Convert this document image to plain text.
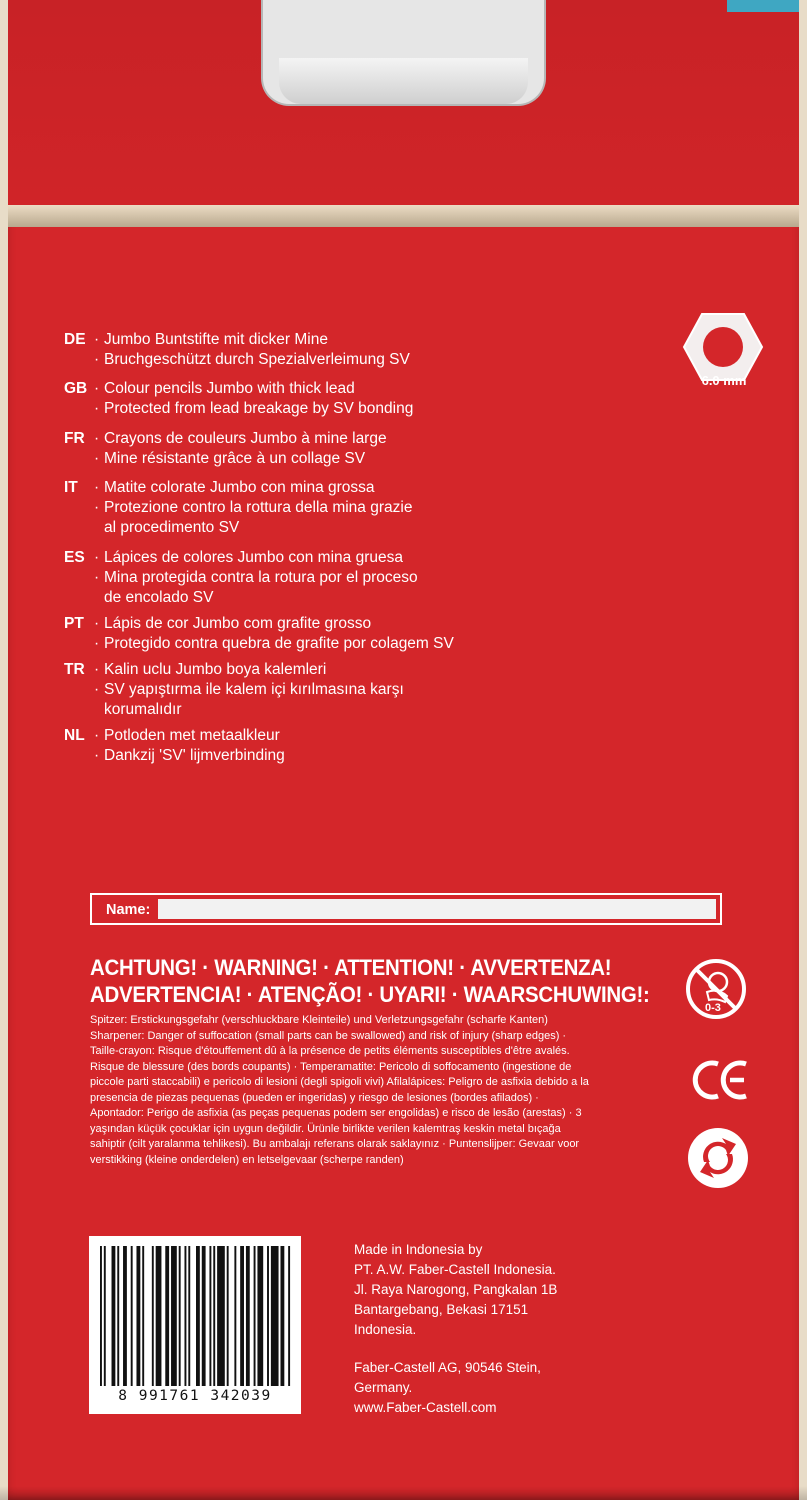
DE · Jumbo Buntstifte mit dicker Mine
· Bruchgeschützt durch Spezialverleimung SV
GB · Colour pencils Jumbo with thick lead
· Protected from lead breakage by SV bonding
FR · Crayons de couleurs Jumbo à mine large
· Mine résistante grâce à un collage SV
IT	· Matite colorate Jumbo con mina grossa
· Protezione contro la rottura della mina grazie
al procedimento SV
ES · Lápices de colores Jumbo con mina gruesa
· Mina protegida contra la rotura por el proceso
de encolado SV
PT · Lápis de cor Jumbo com grafite grosso
· Protegido contra quebra de grafite por colagem SV
TR · Kalin uclu Jumbo boya kalemleri
· SV yapıştırma ile kalem içi kırılmasına karşı
korumalıdır
NL · Potloden met metaalkleur
· Dankzij 'SV' lijmverbinding
6.0 mm
Name:
ACHTUNG! · WARNING! · ATTENTION! · AVVERTENZA!
ADVERTENCIA! · ATENÇÃO! · UYARI! · WAARSCHUWING!:
Spitzer: Erstickungsgefahr (verschluckbare Kleinteile) und Verletzungsgefahr (scharfe Kanten) Sharpener: Danger of suffocation (small parts can be swallowed) and risk of injury (sharp edges) · Taille-crayon: Risque d'étouffement dû à la présence de petits éléments susceptibles d'être avalés. Risque de blessure (des bords coupants) · Temperamatite: Pericolo di soffocamento (ingestione de piccole parti staccabili) e pericolo di lesioni (degli spigoli vivi) Afilalápices: Peligro de asfixia debido a la presencia de piezas pequenas (pueden er ingeridas) y riesgo de lesiones (bordes afilados) · Apontador: Perigo de asfixia (as peças pequenas podem ser engolidas) e risco de lesão (arestas) · 3 yaşından küçük çocuklar için uygun değildir. Ürünle birlikte verilen kalemtraş keskin metal bıçağa sahiptir (cilt yaralanma tehlikesi). Bu ambalajı referans olarak saklayınız · Puntenslijper: Gevaar voor verstikking (kleine onderdelen) en letselgevaar (scherpe randen)
0-3
8 991761 342039
Made in Indonesia by
PT. A.W. Faber-Castell Indonesia.
Jl. Raya Narogong, Pangkalan 1B
Bantargebang, Bekasi 17151
Indonesia.
Faber-Castell AG, 90546 Stein,
Germany.
www.Faber-Castell.com
